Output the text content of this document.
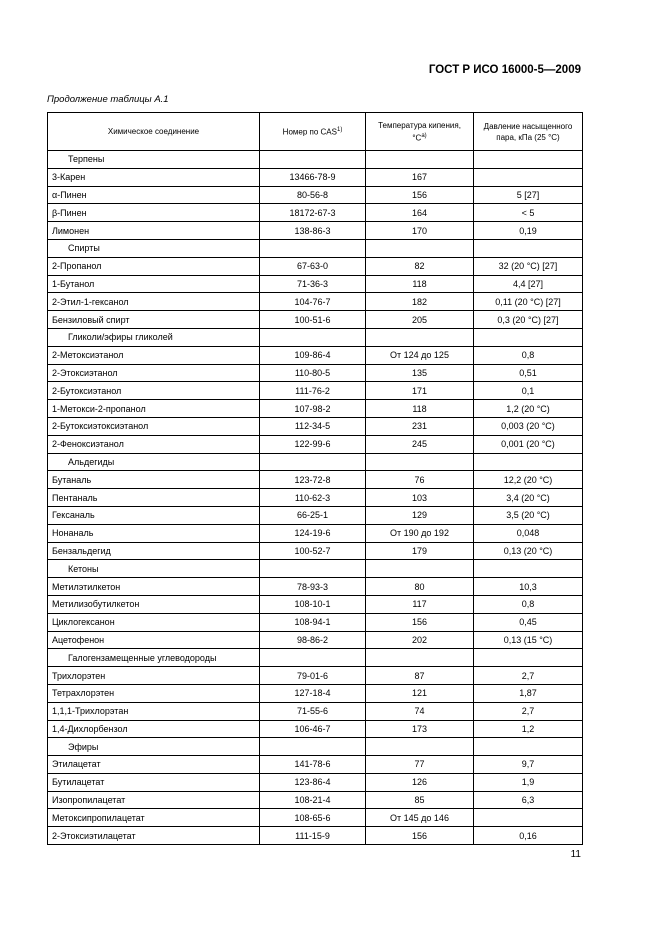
ГОСТ Р ИСО 16000-5—2009
Продолжение таблицы А.1
Химическое соединение	Номер по CAS$^{1)}$	Температура кипения, $^\circ С^{а)}$	Давление насыщенного пара, кПа (25 °С)
Терпены			
3-Карен	13466-78-9	167	
α-Пинен	80-56-8	156	5 [27]
β-Пинен	18172-67-3	164	< 5
Лимонен	138-86-3	170	0,19
Спирты			
2-Пропанол	67-63-0	82	32 (20 °С) [27]
1-Бутанол	71-36-3	118	4,4 [27]
2-Этил-1-гексанол	104-76-7	182	0,11 (20 °С) [27]
Бензиловый спирт	100-51-6	205	0,3 (20 °С) [27]
Гликоли/эфиры гликолей			
2-Метоксиэтанол	109-86-4	От 124 до 125	0,8
2-Этоксиэтанол	110-80-5	135	0,51
2-Бутоксиэтанол	111-76-2	171	0,1
1-Метокси-2-пропанол	107-98-2	118	1,2 (20 °С)
2-Бутоксиэтоксиэтанол	112-34-5	231	0,003 (20 °С)
2-Феноксиэтанол	122-99-6	245	0,001 (20 °С)
Альдегиды			
Бутаналь	123-72-8	76	12,2 (20 °С)
Пентаналь	110-62-3	103	3,4 (20 °С)
Гексаналь	66-25-1	129	3,5 (20 °С)
Нонаналь	124-19-6	От 190 до 192	0,048
Бензальдегид	100-52-7	179	0,13 (20 °С)
Кетоны			
Метилэтилкетон	78-93-3	80	10,3
Метилизобутилкетон	108-10-1	117	0,8
Циклогексанон	108-94-1	156	0,45
Ацетофенон	98-86-2	202	0,13 (15 °С)
Галогензамещенные углеводороды			
Трихлорэтен	79-01-6	87	2,7
Тетрахлорэтен	127-18-4	121	1,87
1,1,1-Трихлорэтан	71-55-6	74	2,7
1,4-Дихлорбензол	106-46-7	173	1,2
Эфиры			
Этилацетат	141-78-6	77	9,7
Бутилацетат	123-86-4	126	1,9
Изопропилацетат	108-21-4	85	6,3
Метоксипропилацетат	108-65-6	От 145 до 146	
2-Этоксиэтилацетат	111-15-9	156	0,16
11
